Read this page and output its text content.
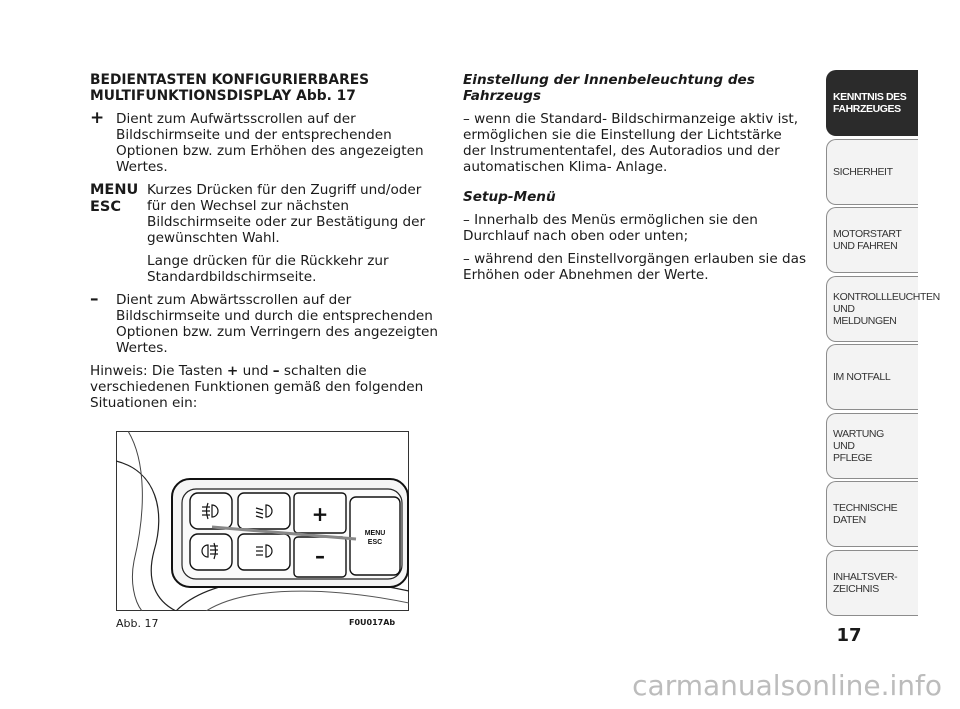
BEDIENTASTEN KONFIGURIERBARES
MULTIFUNKTIONSDISPLAY Abb. 17
+ Dient zum Aufwärtsscrollen auf der Bildschirmseite und der entsprechenden Optionen bzw. zum Erhöhen des angezeigten Wertes.
MENU
ESC
Kurzes Drücken für den Zugriff und/oder für den Wechsel zur nächsten Bildschirmseite oder zur Bestätigung der gewünschten Wahl.
Lange drücken für die Rückkehr zur Standardbildschirmseite.
–	Dient zum Abwärtsscrollen auf der Bildschirmseite und durch die entsprechenden Optionen bzw. zum Verringern des angezeigten Wertes.
Hinweis: Die Tasten + und – schalten die verschiedenen Funktionen gemäß den folgenden Situationen ein:
Einstellung der Innenbeleuchtung des Fahrzeugs
– wenn die Standard- Bildschirmanzeige aktiv ist, ermöglichen sie die Einstellung der Lichtstärke der Instrumententafel, des Autoradios und der automatischen Klima- Anlage.
Setup-Menü
– Innerhalb des Menüs ermöglichen sie den Durchlauf nach oben oder unten;
– während den Einstellvorgängen erlauben sie das Erhöhen oder Abnehmen der Werte.
+
–
MENU
ESC
Abb. 17	F0U017Ab
KENNTNIS DES FAHRZEUGES
SICHERHEIT
MOTORSTART UND FAHREN
KONTROLLLEUCHTEN UND MELDUNGEN
IM NOTFALL
WARTUNG UND PFLEGE
TECHNISCHE DATEN
INHALTSVER- ZEICHNIS
17
carmanualsonline.info
